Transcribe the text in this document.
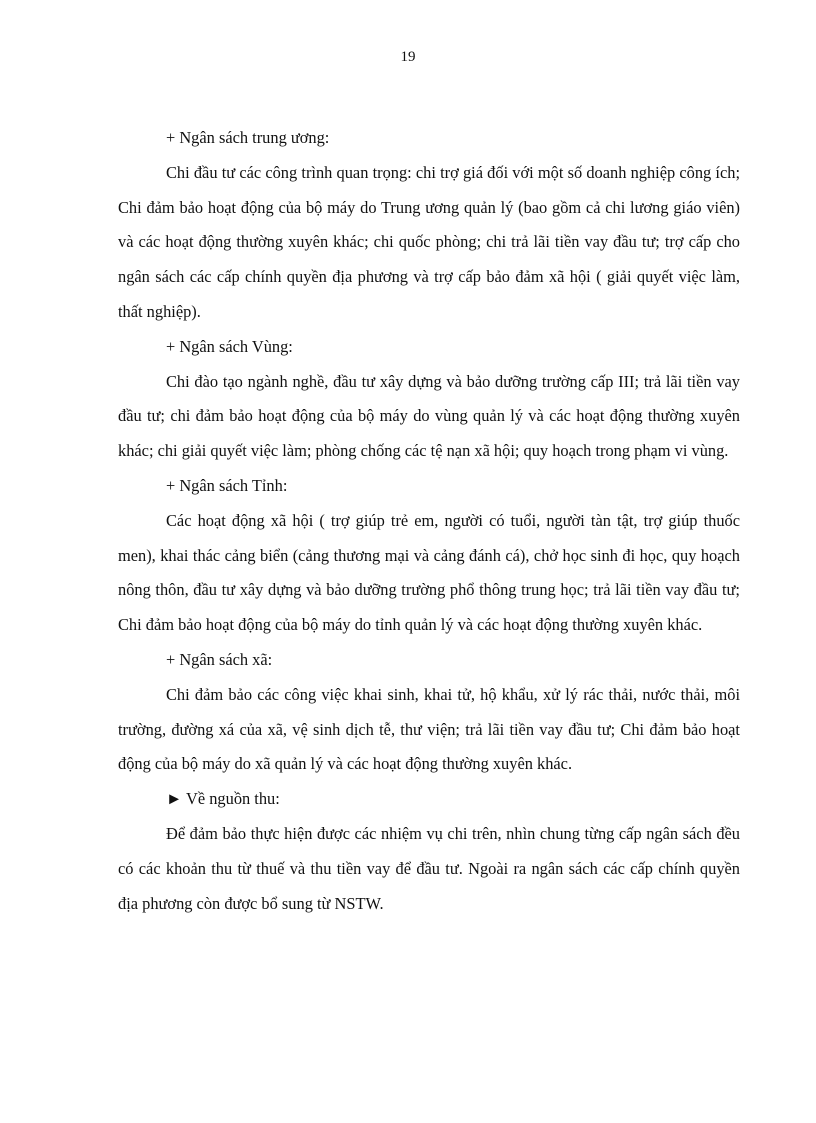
19

+ Ngân sách trung ương:

Chi đầu tư các công trình quan trọng: chi trợ giá đối với một số doanh nghiệp công ích; Chi đảm bảo hoạt động của bộ máy do Trung ương quản lý (bao gồm cả chi lương giáo viên) và các hoạt động thường xuyên khác; chi quốc phòng; chi trả lãi tiền vay đầu tư; trợ cấp cho ngân sách các cấp chính quyền địa phương và trợ cấp bảo đảm xã hội ( giải quyết việc làm, thất nghiệp).

+ Ngân sách Vùng:

Chi đào tạo ngành nghề, đầu tư xây dựng và bảo dưỡng trường cấp III; trả lãi tiền vay đầu tư; chi đảm bảo hoạt động của bộ máy do vùng quản lý và các hoạt động thường xuyên khác; chi giải quyết việc làm; phòng chống các tệ nạn xã hội; quy hoạch trong phạm vi vùng.

+ Ngân sách Tỉnh:

Các hoạt động xã hội ( trợ giúp trẻ em, người có tuổi, người tàn tật, trợ giúp thuốc men), khai thác cảng biển (cảng thương mại và cảng đánh cá), chở học sinh đi học, quy hoạch nông thôn, đầu tư xây dựng và bảo dưỡng trường phổ thông trung học; trả lãi tiền vay đầu tư; Chi đảm bảo hoạt động của bộ máy do tỉnh quản lý và các hoạt động thường xuyên khác.

+ Ngân sách xã:

Chi đảm bảo các công việc khai sinh, khai tử, hộ khẩu, xử lý rác thải, nước thải, môi trường, đường xá của xã, vệ sinh dịch tễ, thư viện; trả lãi tiền vay đầu tư; Chi đảm bảo hoạt động của bộ máy do xã quản lý và các hoạt động thường xuyên khác.

► Về nguồn thu:

Để đảm bảo thực hiện được các nhiệm vụ chi trên, nhìn chung từng cấp ngân sách đều có các khoản thu từ thuế và thu tiền vay để đầu tư. Ngoài ra ngân sách các cấp chính quyền địa phương còn được bổ sung từ NSTW.
